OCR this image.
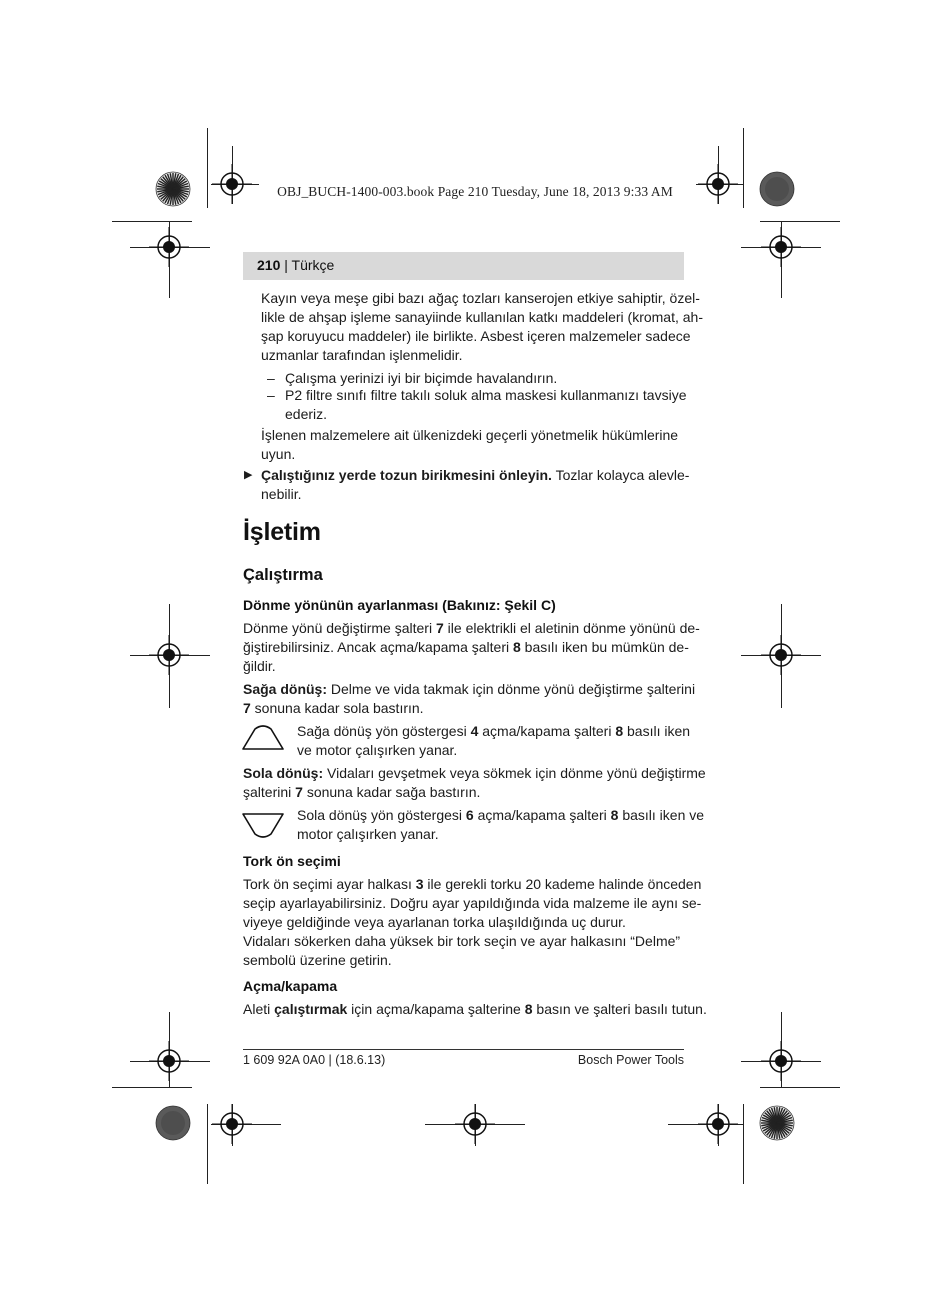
OBJ_BUCH-1400-003.book Page 210 Tuesday, June 18, 2013 9:33 AM
210 | Türkçe
Kayın veya meşe gibi bazı ağaç tozları kanserojen etkiye sahiptir, özel-
likle de ahşap işleme sanayiinde kullanılan katkı maddeleri (kromat, ah-
şap koruyucu maddeler) ile birlikte. Asbest içeren malzemeler sadece
uzmanlar tarafından işlenmelidir.
– Çalışma yerinizi iyi bir biçimde havalandırın.
– P2 filtre sınıfı filtre takılı soluk alma maskesi kullanmanızı tavsiye
ederiz.
İşlenen malzemelere ait ülkenizdeki geçerli yönetmelik hükümlerine
uyun.
▶ Çalıştığınız yerde tozun birikmesini önleyin. Tozlar kolayca alevle-
nebilir.
İşletim
Çalıştırma
Dönme yönünün ayarlanması (Bakınız: Şekil C)
Dönme yönü değiştirme şalteri 7 ile elektrikli el aletinin dönme yönünü de-
ğiştirebilirsiniz. Ancak açma/kapama şalteri 8 basılı iken bu mümkün de-
ğildir.
Sağa dönüş: Delme ve vida takmak için dönme yönü değiştirme şalterini
7 sonuna kadar sola bastırın.
Sağa dönüş yön göstergesi 4 açma/kapama şalteri 8 basılı iken
ve motor çalışırken yanar.
Sola dönüş: Vidaları gevşetmek veya sökmek için dönme yönü değiştirme
şalterini 7 sonuna kadar sağa bastırın.
Sola dönüş yön göstergesi 6 açma/kapama şalteri 8 basılı iken ve
motor çalışırken yanar.
Tork ön seçimi
Tork ön seçimi ayar halkası 3 ile gerekli torku 20 kademe halinde önceden
seçip ayarlayabilirsiniz. Doğru ayar yapıldığında vida malzeme ile aynı se-
viyeye geldiğinde veya ayarlanan torka ulaşıldığında uç durur.
Vidaları sökerken daha yüksek bir tork seçin ve ayar halkasını “Delme”
sembolü üzerine getirin.
Açma/kapama
Aleti çalıştırmak için açma/kapama şalterine 8 basın ve şalteri basılı tutun.
1 609 92A 0A0 | (18.6.13)	Bosch Power Tools
